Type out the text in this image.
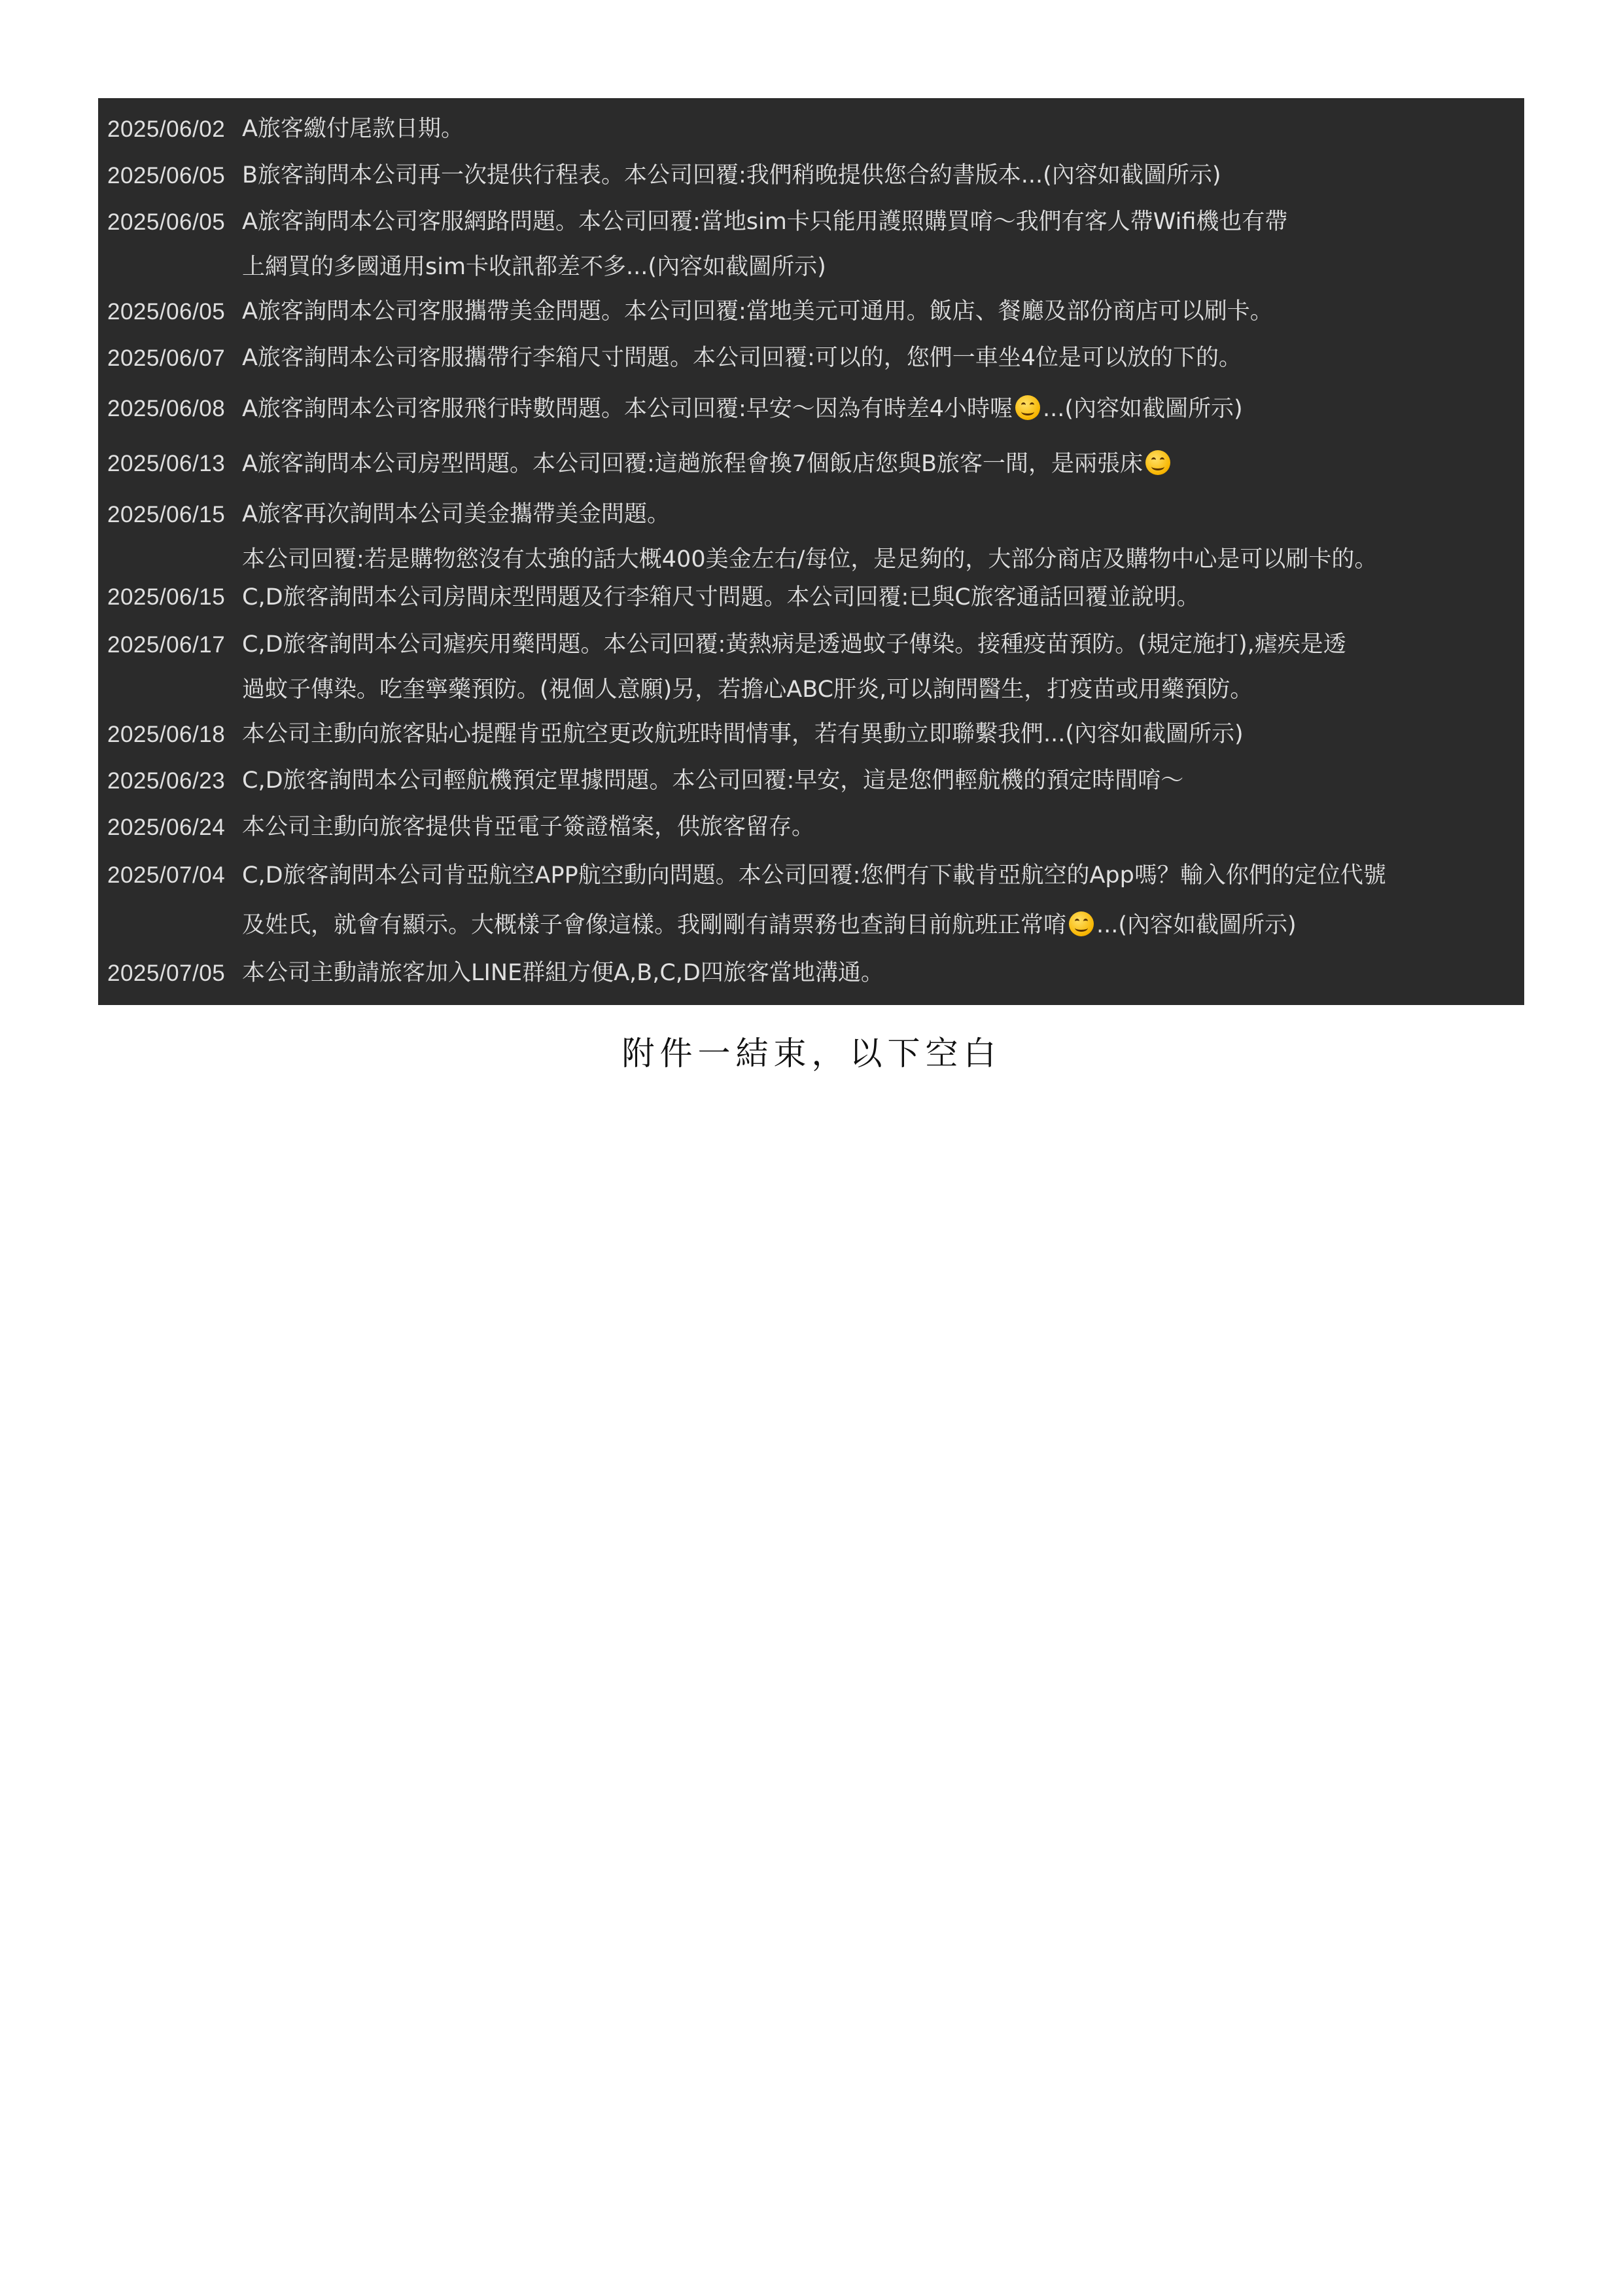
2025/06/02 A旅客繳付尾款日期。
2025/06/05 B旅客詢問本公司再一次提供行程表。本公司回覆:我們稍晚提供您合約書版本...(內容如截圖所示)
2025/06/05 A旅客詢問本公司客服網路問題。本公司回覆:當地sim卡只能用護照購買唷～我們有客人帶Wifi機也有帶
上網買的多國通用sim卡收訊都差不多...(內容如截圖所示)
2025/06/05 A旅客詢問本公司客服攜帶美金問題。本公司回覆:當地美元可通用。飯店、餐廳及部份商店可以刷卡。
2025/06/07 A旅客詢問本公司客服攜帶行李箱尺寸問題。本公司回覆:可以的，您們一車坐4位是可以放的下的。
2025/06/08 A旅客詢問本公司客服飛行時數問題。本公司回覆:早安～因為有時差4小時喔 ...(內容如截圖所示)
2025/06/13 A旅客詢問本公司房型問題。本公司回覆:這趟旅程會換7個飯店您與B旅客一間，是兩張床
2025/06/15 A旅客再次詢問本公司美金攜帶美金問題。
本公司回覆:若是購物慾沒有太強的話大概400美金左右/每位，是足夠的，大部分商店及購物中心是可以刷卡的。
2025/06/15 C,D旅客詢問本公司房間床型問題及行李箱尺寸問題。本公司回覆:已與C旅客通話回覆並說明。
2025/06/17 C,D旅客詢問本公司瘧疾用藥問題。本公司回覆:黃熱病是透過蚊子傳染。接種疫苗預防。(規定施打),瘧疾是透
過蚊子傳染。吃奎寧藥預防。(視個人意願)另，若擔心ABC肝炎,可以詢問醫生，打疫苗或用藥預防。
2025/06/18 本公司主動向旅客貼心提醒肯亞航空更改航班時間情事，若有異動立即聯繫我們...(內容如截圖所示)
2025/06/23 C,D旅客詢問本公司輕航機預定單據問題。本公司回覆:早安，這是您們輕航機的預定時間唷～
2025/06/24 本公司主動向旅客提供肯亞電子簽證檔案，供旅客留存。
2025/07/04 C,D旅客詢問本公司肯亞航空APP航空動向問題。本公司回覆:您們有下載肯亞航空的App嗎？輸入你們的定位代號
及姓氏，就會有顯示。大概樣子會像這樣。我剛剛有請票務也查詢目前航班正常唷 ...(內容如截圖所示)
2025/07/05 本公司主動請旅客加入LINE群組方便A,B,C,D四旅客當地溝通。
附件一結束，以下空白
